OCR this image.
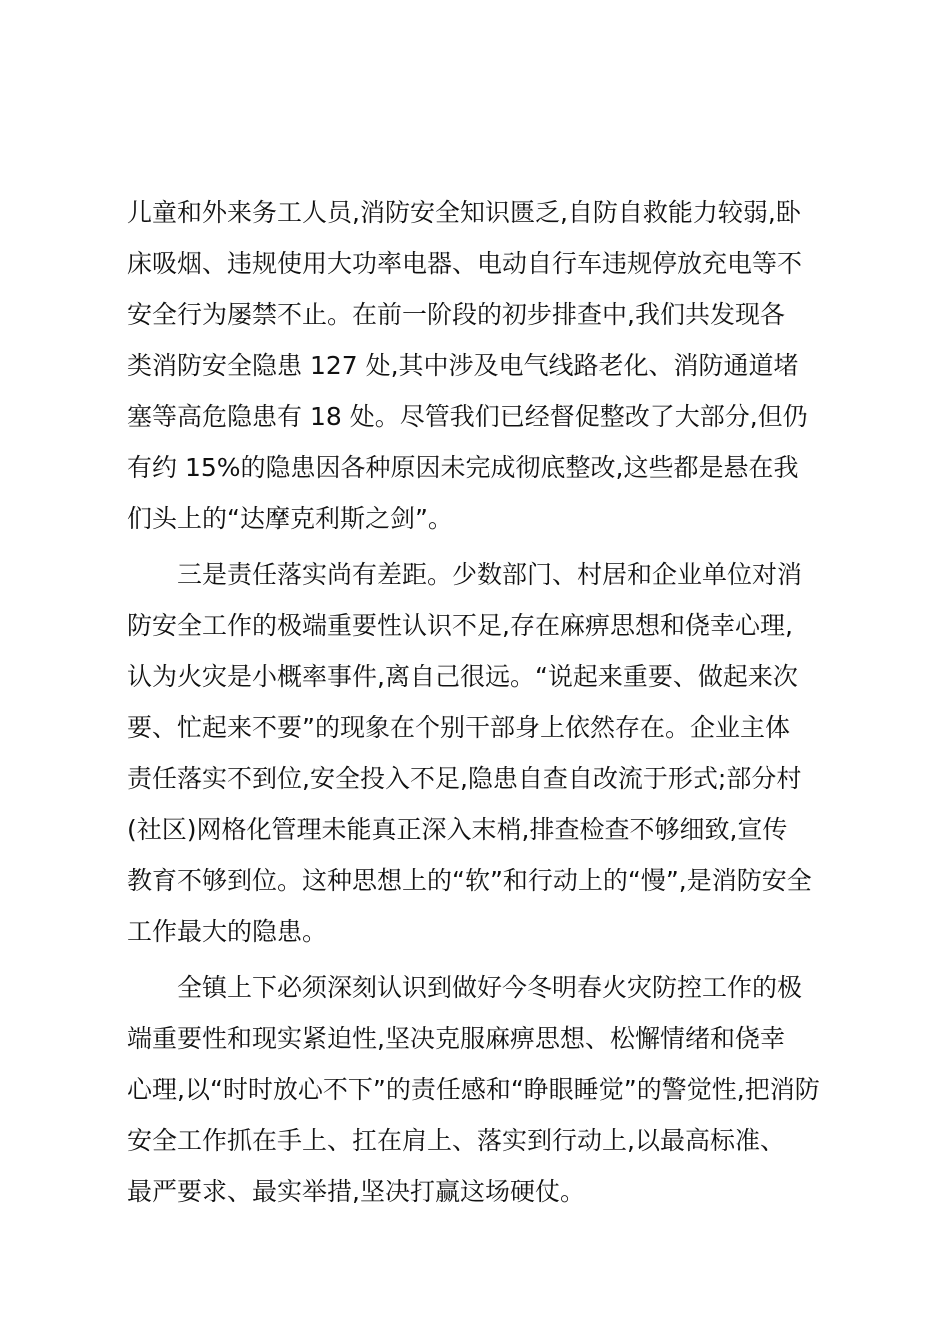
儿童和外来务工人员,消防安全知识匮乏,自防自救能力较弱,卧
床吸烟、违规使用大功率电器、电动自行车违规停放充电等不
安全行为屡禁不止。在前一阶段的初步排查中,我们共发现各
类消防安全隐患 127 处,其中涉及电气线路老化、消防通道堵
塞等高危隐患有 18 处。尽管我们已经督促整改了大部分,但仍
有约 15%的隐患因各种原因未完成彻底整改,这些都是悬在我
们头上的“达摩克利斯之剑”。

三是责任落实尚有差距。少数部门、村居和企业单位对消
防安全工作的极端重要性认识不足,存在麻痹思想和侥幸心理,
认为火灾是小概率事件,离自己很远。“说起来重要、做起来次
要、忙起来不要”的现象在个别干部身上依然存在。企业主体
责任落实不到位,安全投入不足,隐患自查自改流于形式;部分村
(社区)网格化管理未能真正深入末梢,排查检查不够细致,宣传
教育不够到位。这种思想上的“软”和行动上的“慢”,是消防安全
工作最大的隐患。

全镇上下必须深刻认识到做好今冬明春火灾防控工作的极
端重要性和现实紧迫性,坚决克服麻痹思想、松懈情绪和侥幸
心理,以“时时放心不下”的责任感和“睁眼睡觉”的警觉性,把消防
安全工作抓在手上、扛在肩上、落实到行动上,以最高标准、
最严要求、最实举措,坚决打赢这场硬仗。
